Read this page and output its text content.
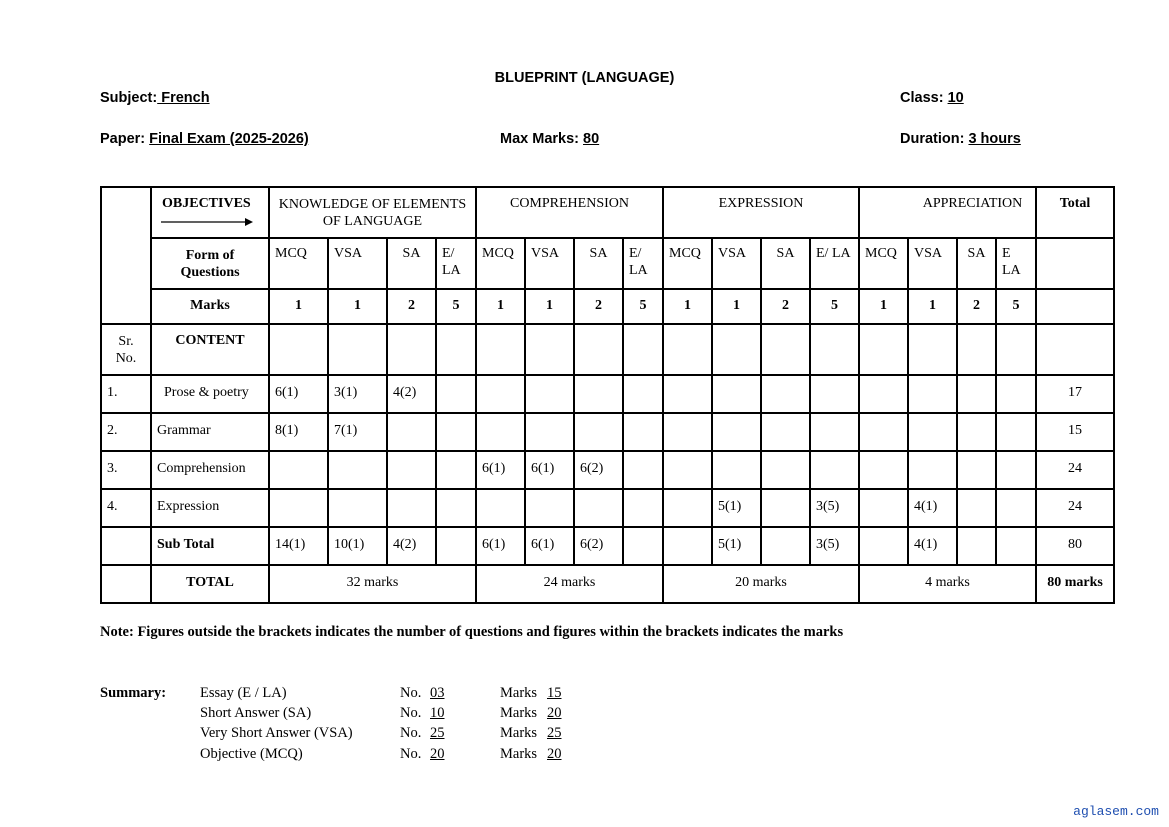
BLUEPRINT (LANGUAGE)
Subject: French	Class: 10
Paper: Final Exam (2025-2026)	Max Marks: 80	Duration: 3 hours

	OBJECTIVES	KNOWLEDGE OF ELEMENTS OF LANGUAGE				COMPREHENSION				EXPRESSION				APPRECIATION				Total
	Form of Questions	MCQ	VSA	SA	E/ LA	MCQ	VSA	SA	E/ LA	MCQ	VSA	SA	E/ LA	MCQ	VSA	SA	E LA	
	Marks	1	1	2	5	1	1	2	5	1	1	2	5	1	1	2	5	
Sr. No.	CONTENT																	
1.	Prose & poetry	6(1)	3(1)	4(2)														17
2.	Grammar	8(1)	7(1)															15
3.	Comprehension					6(1)	6(1)	6(2)										24
4.	Expression										5(1)		3(5)		4(1)			24
	Sub Total	14(1)	10(1)	4(2)		6(1)	6(1)	6(2)			5(1)		3(5)		4(1)			80
	TOTAL	32 marks				24 marks				20 marks				4 marks				80 marks
Note: Figures outside the brackets indicates the number of questions and figures within the brackets indicates the marks
Summary: Essay (E / LA)	No. 03	Marks 15
Short Answer (SA)	No. 10	Marks 20
Very Short Answer (VSA)	No. 25	Marks 25
Objective (MCQ)	No. 20	Marks 20
aglasem.com
